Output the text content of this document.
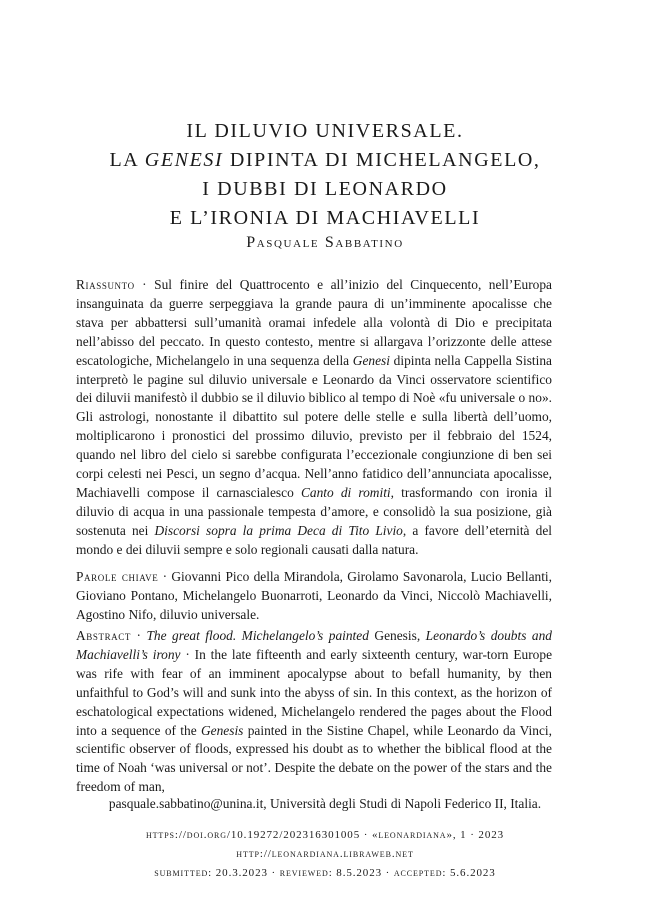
IL DILUVIO UNIVERSALE.
LA GENESI DIPINTA DI MICHELANGELO,
I DUBBI DI LEONARDO
E L’IRONIA DI MACHIAVELLI
Pasquale Sabbatino
Riassunto · Sul finire del Quattrocento e all’inizio del Cinquecento, nell’Europa insanguinata da guerre serpeggiava la grande paura di un’imminente apocalisse che stava per abbattersi sull’umanità oramai infedele alla volontà di Dio e precipitata nell’abisso del peccato. In questo contesto, mentre si allargava l’orizzonte delle attese escatologiche, Michelangelo in una sequenza della Genesi dipinta nella Cappella Sistina interpretò le pagine sul diluvio universale e Leonardo da Vinci osservatore scientifico dei diluvii manifestò il dubbio se il diluvio biblico al tempo di Noè «fu universale o no». Gli astrologi, nonostante il dibattito sul potere delle stelle e sulla libertà dell’uomo, moltiplicarono i pronostici del prossimo diluvio, previsto per il febbraio del 1524, quando nel libro del cielo si sarebbe configurata l’eccezionale congiunzione di ben sei corpi celesti nei Pesci, un segno d’acqua. Nell’anno fatidico dell’annunciata apocalisse, Machiavelli compose il carnascialesco Canto di romiti, trasformando con ironia il diluvio di acqua in una passionale tempesta d’amore, e consolidò la sua posizione, già sostenuta nei Discorsi sopra la prima Deca di Tito Livio, a favore dell’eternità del mondo e dei diluvii sempre e solo regionali causati dalla natura.
Parole chiave · Giovanni Pico della Mirandola, Girolamo Savonarola, Lucio Bellanti, Gioviano Pontano, Michelangelo Buonarroti, Leonardo da Vinci, Niccolò Machiavelli, Agostino Nifo, diluvio universale.
Abstract · The great flood. Michelangelo’s painted Genesis, Leonardo’s doubts and Machiavelli’s irony · In the late fifteenth and early sixteenth century, war-torn Europe was rife with fear of an imminent apocalypse about to befall humanity, by then unfaithful to God’s will and sunk into the abyss of sin. In this context, as the horizon of eschatological expectations widened, Michelangelo rendered the pages about the Flood into a sequence of the Genesis painted in the Sistine Chapel, while Leonardo da Vinci, scientific observer of floods, expressed his doubt as to whether the biblical flood at the time of Noah ‘was universal or not’. Despite the debate on the power of the stars and the freedom of man,
pasquale.sabbatino@unina.it, Università degli Studi di Napoli Federico II, Italia.
https://doi.org/10.19272/202316301005 · «leonardiana», 1 · 2023
http://leonardiana.libraweb.net
submitted: 20.3.2023 · reviewed: 8.5.2023 · accepted: 5.6.2023
